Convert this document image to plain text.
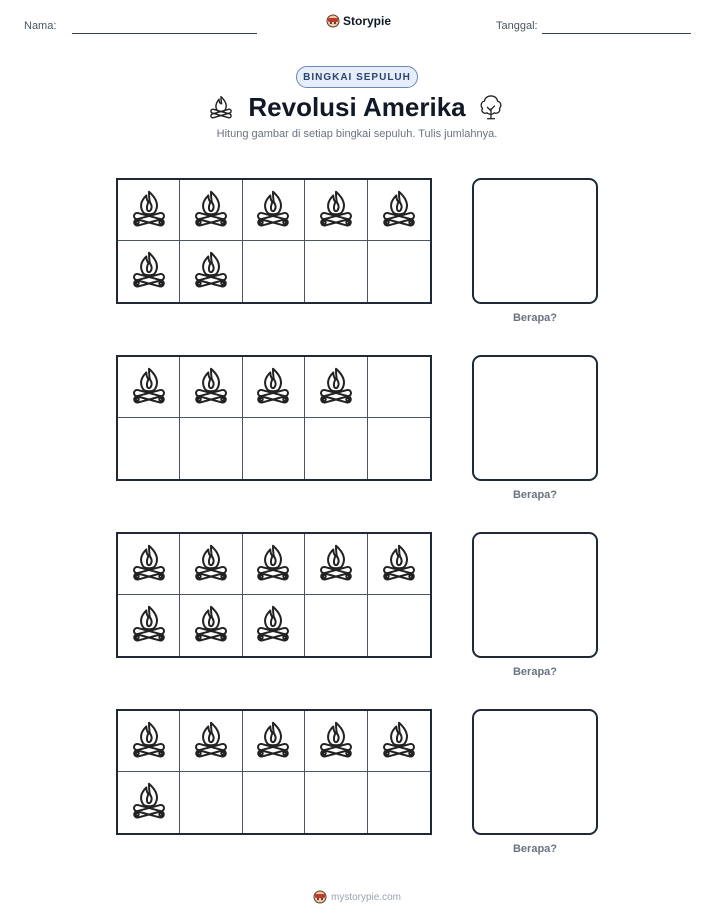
Nama:	Storypie	Tanggal:
BINGKAI SEPULUH
Revolusi Amerika
Hitung gambar di setiap bingkai sepuluh. Tulis jumlahnya.
Berapa?
Berapa?
Berapa?
Berapa?
mystorypie.com
